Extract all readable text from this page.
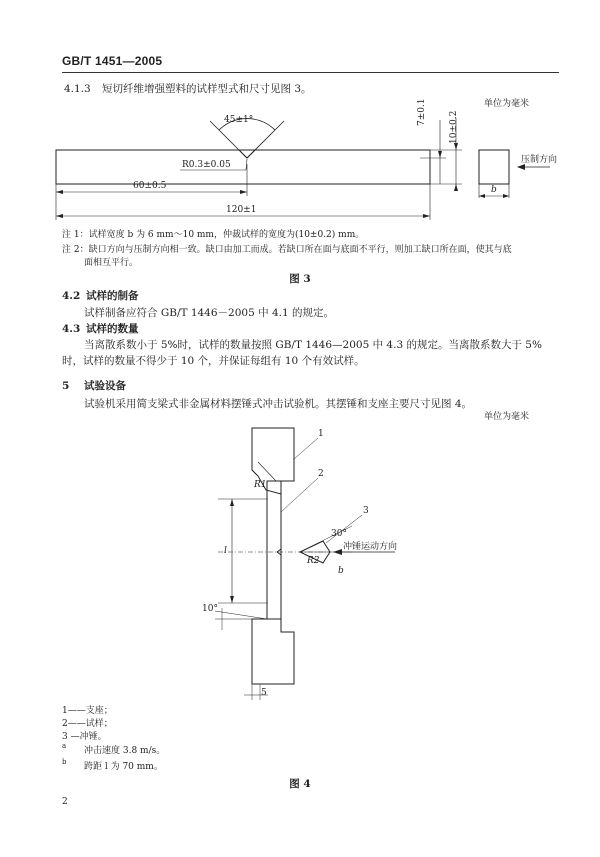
GB/T 1451—2005
4.1.3 短切纤维增强塑料的试样型式和尺寸见图 3。
单位为毫米
45±1°
R0.3±0.05
60±0.5
120±1
7±0.1 10±0.2
b
压制方向
注 1：试样宽度 b 为 6 mm～10 mm，仲裁试样的宽度为(10±0.2) mm。
注 2：缺口方向与压制方向相一致。缺口由加工而成。若缺口所在面与底面不平行，则加工缺口所在面，使其与底
面相互平行。
图 3
4.2 试样的制备
试样制备应符合 GB/T 1446－2005 中 4.1 的规定。
4.3 试样的数量
当离散系数小于 5%时，试样的数量按照 GB/T 1446—2005 中 4.3 的规定。当离散系数大于 5%
时，试样的数量不得少于 10 个，并保证每组有 10 个有效试样。
5 试验设备
试验机采用简支梁式非金属材料摆锤式冲击试验机。其摆锤和支座主要尺寸见图 4。
单位为毫米
1
2
3
R1
R2
30°
10°
l	冲锤运动方向
b
5
1——支座；
2——试样；
3 —冲锤。
a 冲击速度 3.8 m/s。
b 跨距 l 为 70 mm。
图 4
2
